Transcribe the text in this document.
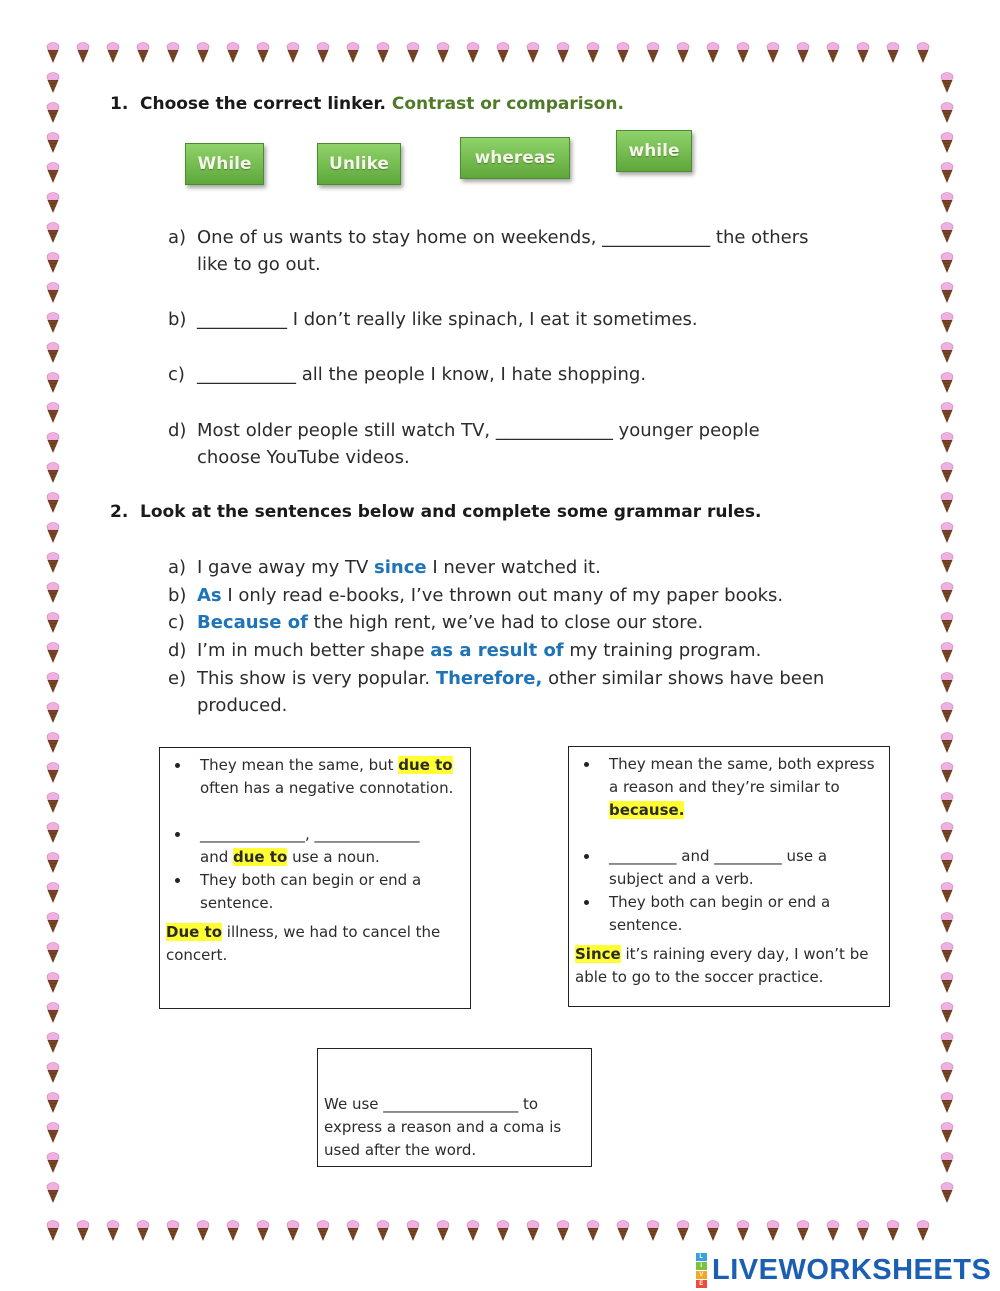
1. Choose the correct linker. Contrast or comparison.
While	Unlike	whereas	while
a) One of us wants to stay home on weekends, ____________ the others
like to go out.
b) __________ I don’t really like spinach, I eat it sometimes.
c) ___________ all the people I know, I hate shopping.
d) Most older people still watch TV, _____________ younger people
choose YouTube videos.
2. Look at the sentences below and complete some grammar rules.
a) I gave away my TV since I never watched it.
b) As I only read e-books, I’ve thrown out many of my paper books.
c) Because of the high rent, we’ve had to close our store.
d) I’m in much better shape as a result of my training program.
e) This show is very popular. Therefore, other similar shows have been
produced.
They mean the same, but due to often has a negative connotation.
______________, ______________
and due to use a noun.
They both can begin or end a sentence.
Due to illness, we had to cancel the concert.
They mean the same, both express a reason and they’re similar to because.
_________ and _________ use a subject and a verb.
They both can begin or end a sentence.
Since it’s raining every day, I won’t be able to go to the soccer practice.
We use __________________ to express a reason and a coma is used after the word.
L
I
V
E LIVEWORKSHEETS
